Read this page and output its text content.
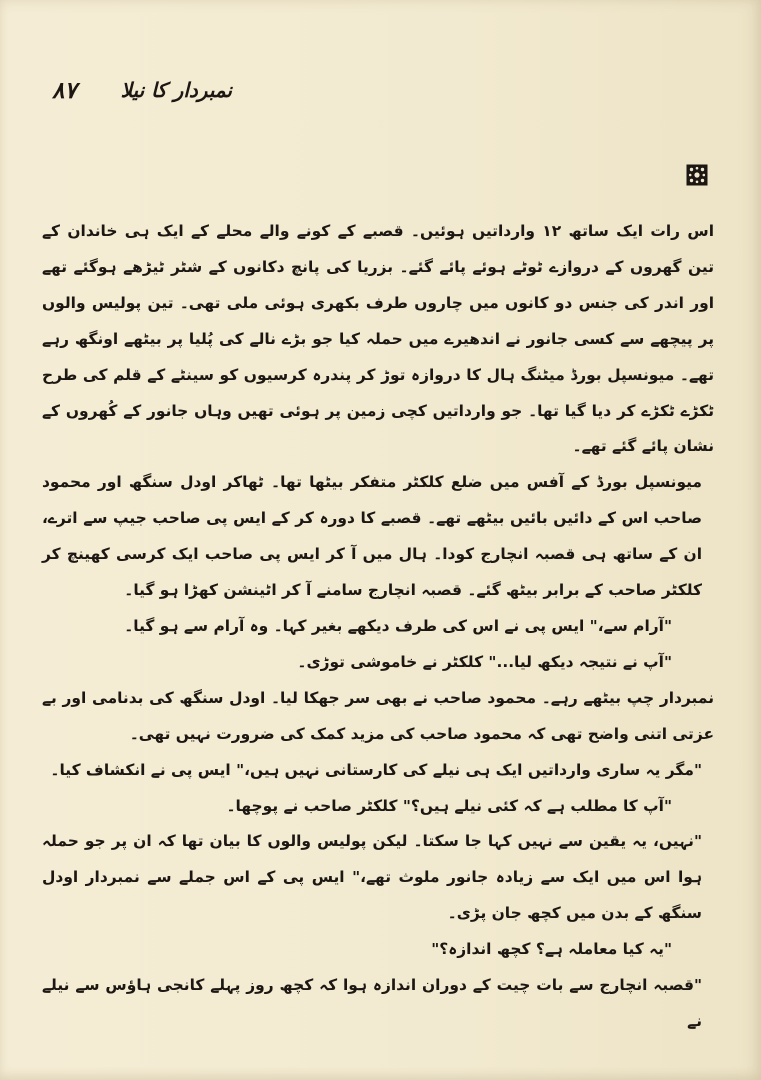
۸۷ نمبردار کا نیلا

اس رات ایک ساتھ ۱۲ وارداتیں ہوئیں۔ قصبے کے کونے والے محلے کے ایک ہی خاندان کے تین گھروں کے دروازے ٹوٹے ہوئے پائے گئے۔ بزریا کی پانچ دکانوں کے شٹر ٹیڑھے ہوگئے تھے اور اندر کی جنس دو کانوں میں چاروں طرف بکھری ہوئی ملی تھی۔ تین پولیس والوں پر پیچھے سے کسی جانور نے اندھیرے میں حملہ کیا جو بڑے نالے کی پُلیا پر بیٹھے اونگھ رہے تھے۔ میونسپل بورڈ میٹنگ ہال کا دروازہ توڑ کر پندرہ کرسیوں کو سینٹے کے قلم کی طرح ٹکڑے ٹکڑے کر دیا گیا تھا۔ جو وارداتیں کچی زمین پر ہوئی تھیں وہاں جانور کے کُھروں کے نشان پائے گئے تھے۔

میونسپل بورڈ کے آفس میں ضلع کلکٹر متفکر بیٹھا تھا۔ ٹھاکر اودل سنگھ اور محمود صاحب اس کے دائیں بائیں بیٹھے تھے۔ قصبے کا دورہ کر کے ایس پی صاحب جیپ سے اترے، ان کے ساتھ ہی قصبہ انچارج کودا۔ ہال میں آ کر ایس پی صاحب ایک کرسی کھینچ کر کلکٹر صاحب کے برابر بیٹھ گئے۔ قصبہ انچارج سامنے آ کر اٹینشن کھڑا ہو گیا۔

"آرام سے،" ایس پی نے اس کی طرف دیکھے بغیر کہا۔ وہ آرام سے ہو گیا۔

"آپ نے نتیجہ دیکھ لیا..." کلکٹر نے خاموشی توڑی۔

نمبردار چپ بیٹھے رہے۔ محمود صاحب نے بھی سر جھکا لیا۔ اودل سنگھ کی بدنامی اور بے عزتی اتنی واضح تھی کہ محمود صاحب کی مزید کمک کی ضرورت نہیں تھی۔

"مگر یہ ساری وارداتیں ایک ہی نیلے کی کارستانی نہیں ہیں،" ایس پی نے انکشاف کیا۔

"آپ کا مطلب ہے کہ کئی نیلے ہیں؟" کلکٹر صاحب نے پوچھا۔

"نہیں، یہ یقین سے نہیں کہا جا سکتا۔ لیکن پولیس والوں کا بیان تھا کہ ان پر جو حملہ ہوا اس میں ایک سے زیادہ جانور ملوث تھے،" ایس پی کے اس جملے سے نمبردار اودل سنگھ کے بدن میں کچھ جان پڑی۔

"یہ کیا معاملہ ہے؟ کچھ اندازہ؟"

"قصبہ انچارج سے بات چیت کے دوران اندازہ ہوا کہ کچھ روز پہلے کانجی ہاؤس سے نیلے نے
